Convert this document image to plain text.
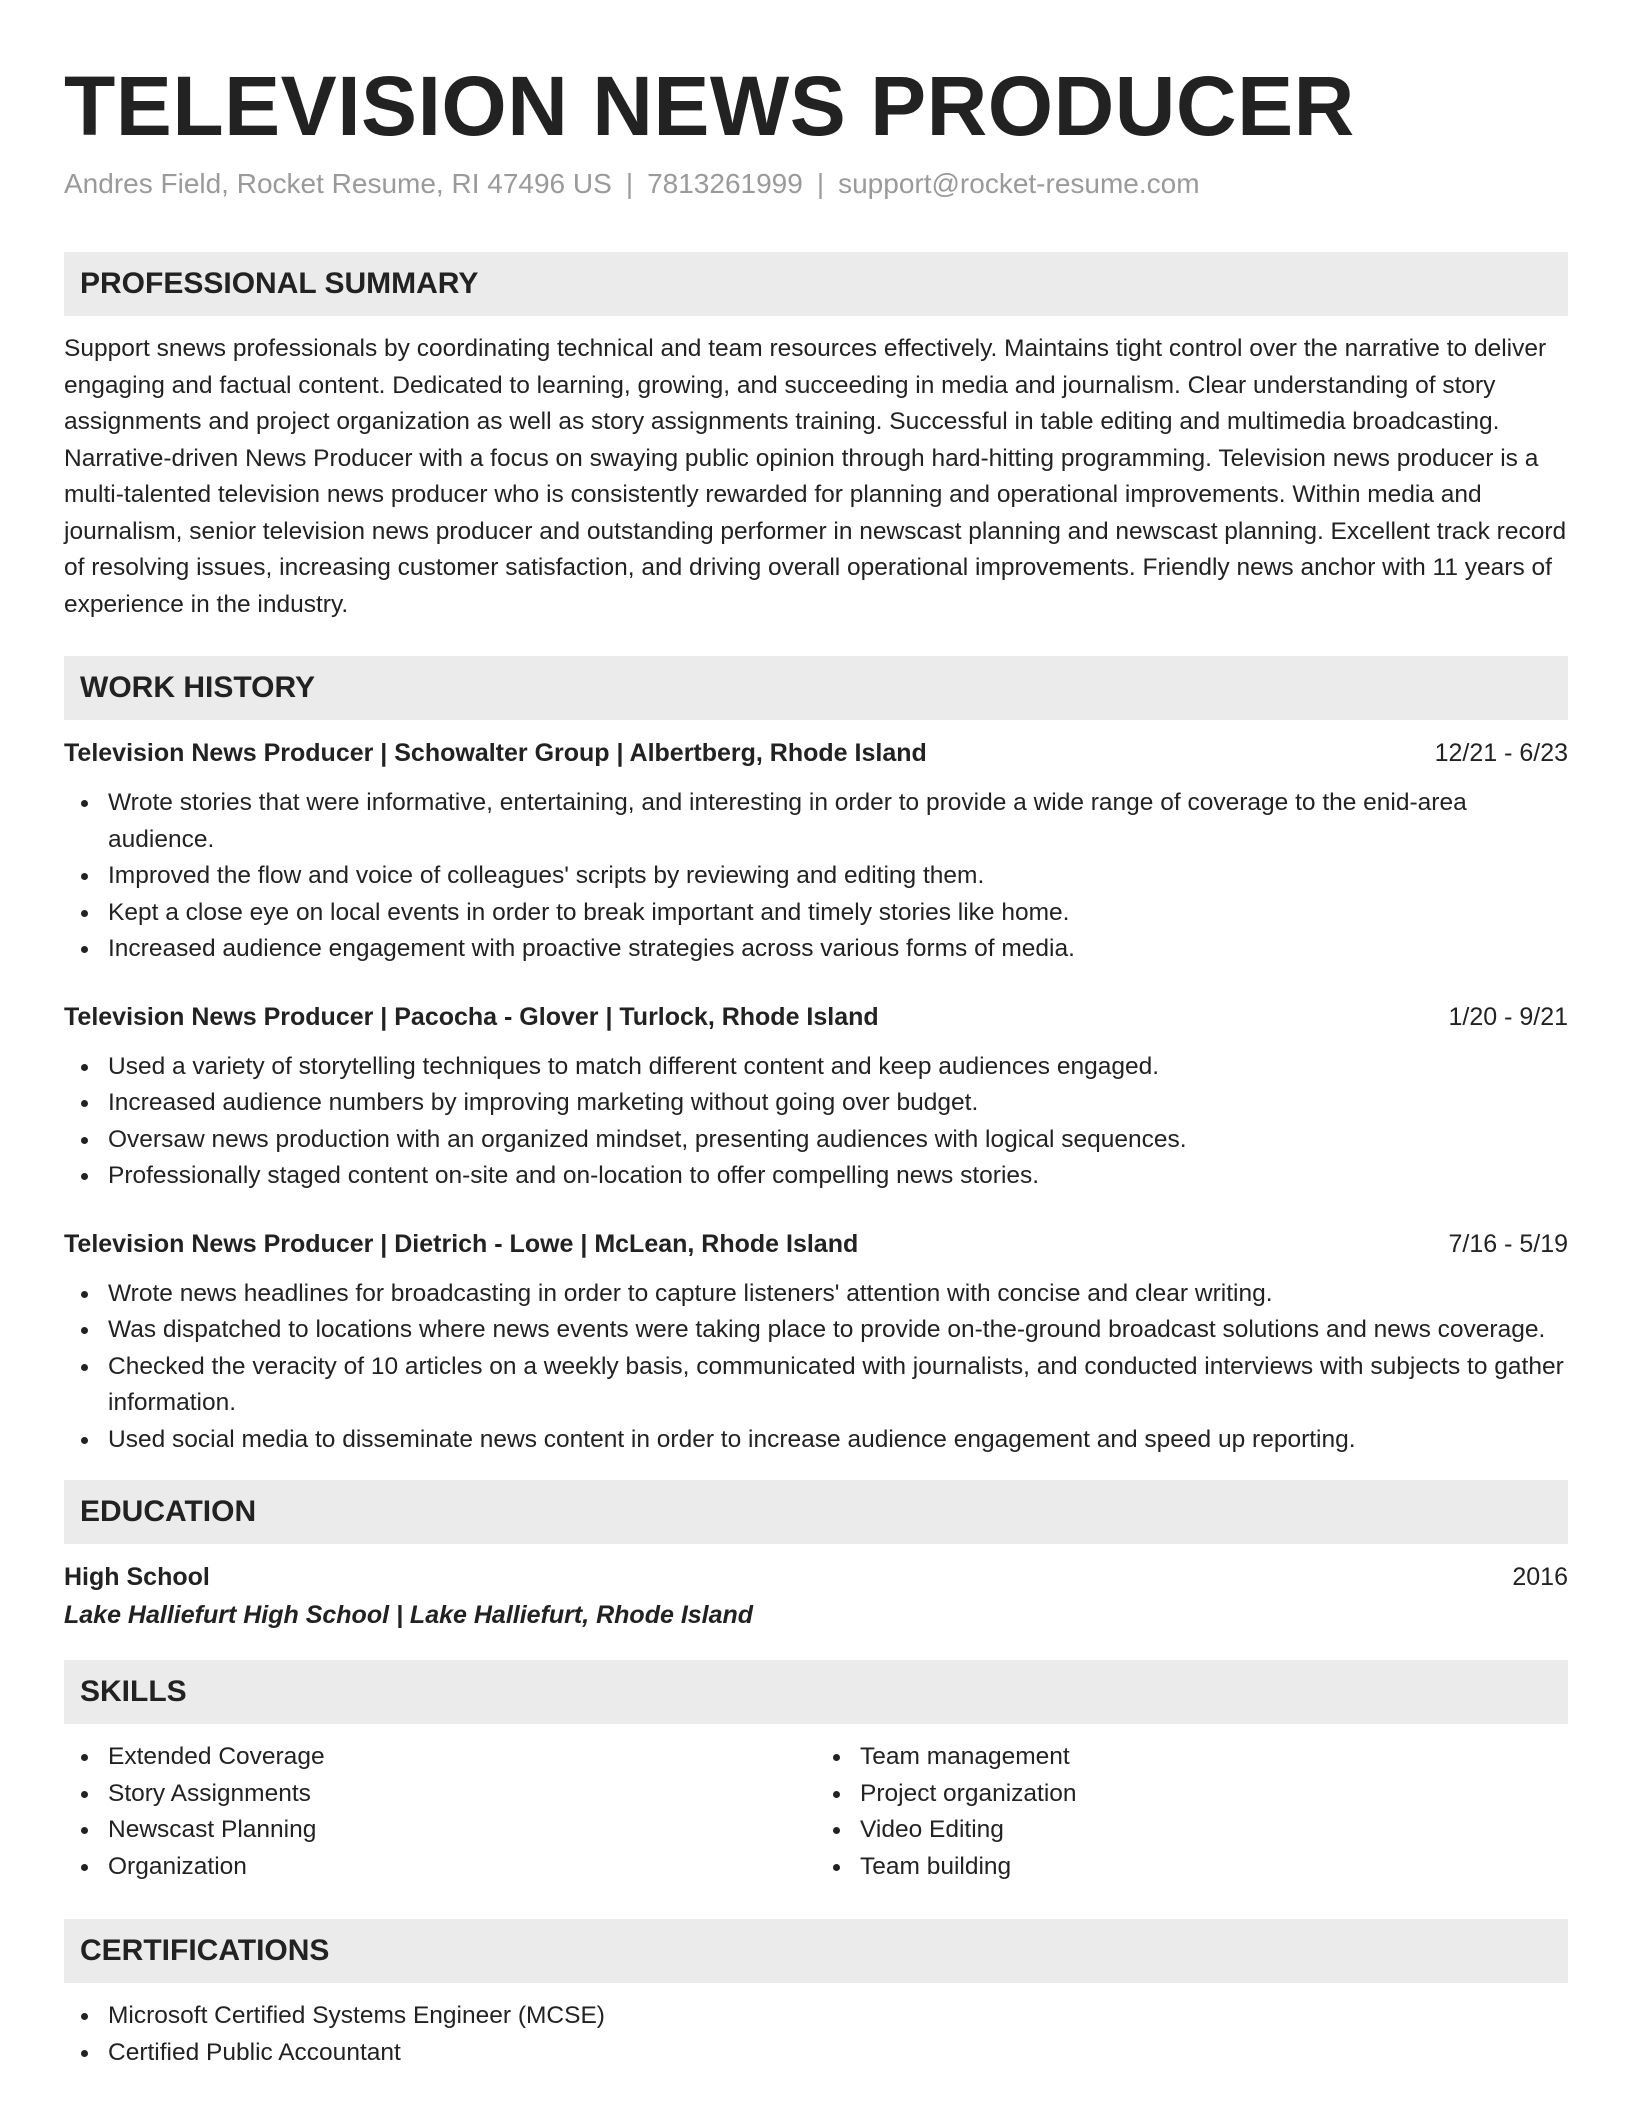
TELEVISION NEWS PRODUCER
Andres Field, Rocket Resume, RI 47496 US | 7813261999 | support@rocket-resume.com
PROFESSIONAL SUMMARY

Support snews professionals by coordinating technical and team resources effectively. Maintains tight control over the narrative to deliver engaging and factual content. Dedicated to learning, growing, and succeeding in media and journalism. Clear understanding of story assignments and project organization as well as story assignments training. Successful in table editing and multimedia broadcasting. Narrative-driven News Producer with a focus on swaying public opinion through hard-hitting programming. Television news producer is a multi-talented television news producer who is consistently rewarded for planning and operational improvements. Within media and journalism, senior television news producer and outstanding performer in newscast planning and newscast planning. Excellent track record of resolving issues, increasing customer satisfaction, and driving overall operational improvements. Friendly news anchor with 11 years of experience in the industry.

WORK HISTORY
Television News Producer | Schowalter Group | Albertberg, Rhode Island	12/21 - 6/23
Wrote stories that were informative, entertaining, and interesting in order to provide a wide range of coverage to the enid-area audience.
Improved the flow and voice of colleagues' scripts by reviewing and editing them.
Kept a close eye on local events in order to break important and timely stories like home.
Increased audience engagement with proactive strategies across various forms of media.
Television News Producer | Pacocha - Glover | Turlock, Rhode Island	1/20 - 9/21
Used a variety of storytelling techniques to match different content and keep audiences engaged.
Increased audience numbers by improving marketing without going over budget.
Oversaw news production with an organized mindset, presenting audiences with logical sequences.
Professionally staged content on-site and on-location to offer compelling news stories.
Television News Producer | Dietrich - Lowe | McLean, Rhode Island	7/16 - 5/19
Wrote news headlines for broadcasting in order to capture listeners' attention with concise and clear writing.
Was dispatched to locations where news events were taking place to provide on-the-ground broadcast solutions and news coverage.
Checked the veracity of 10 articles on a weekly basis, communicated with journalists, and conducted interviews with subjects to gather information.
Used social media to disseminate news content in order to increase audience engagement and speed up reporting.
EDUCATION
High School	2016
Lake Halliefurt High School | Lake Halliefurt, Rhode Island
SKILLS
Extended Coverage
Story Assignments
Newscast Planning
Organization
Team management
Project organization
Video Editing
Team building
CERTIFICATIONS
Microsoft Certified Systems Engineer (MCSE)
Certified Public Accountant
